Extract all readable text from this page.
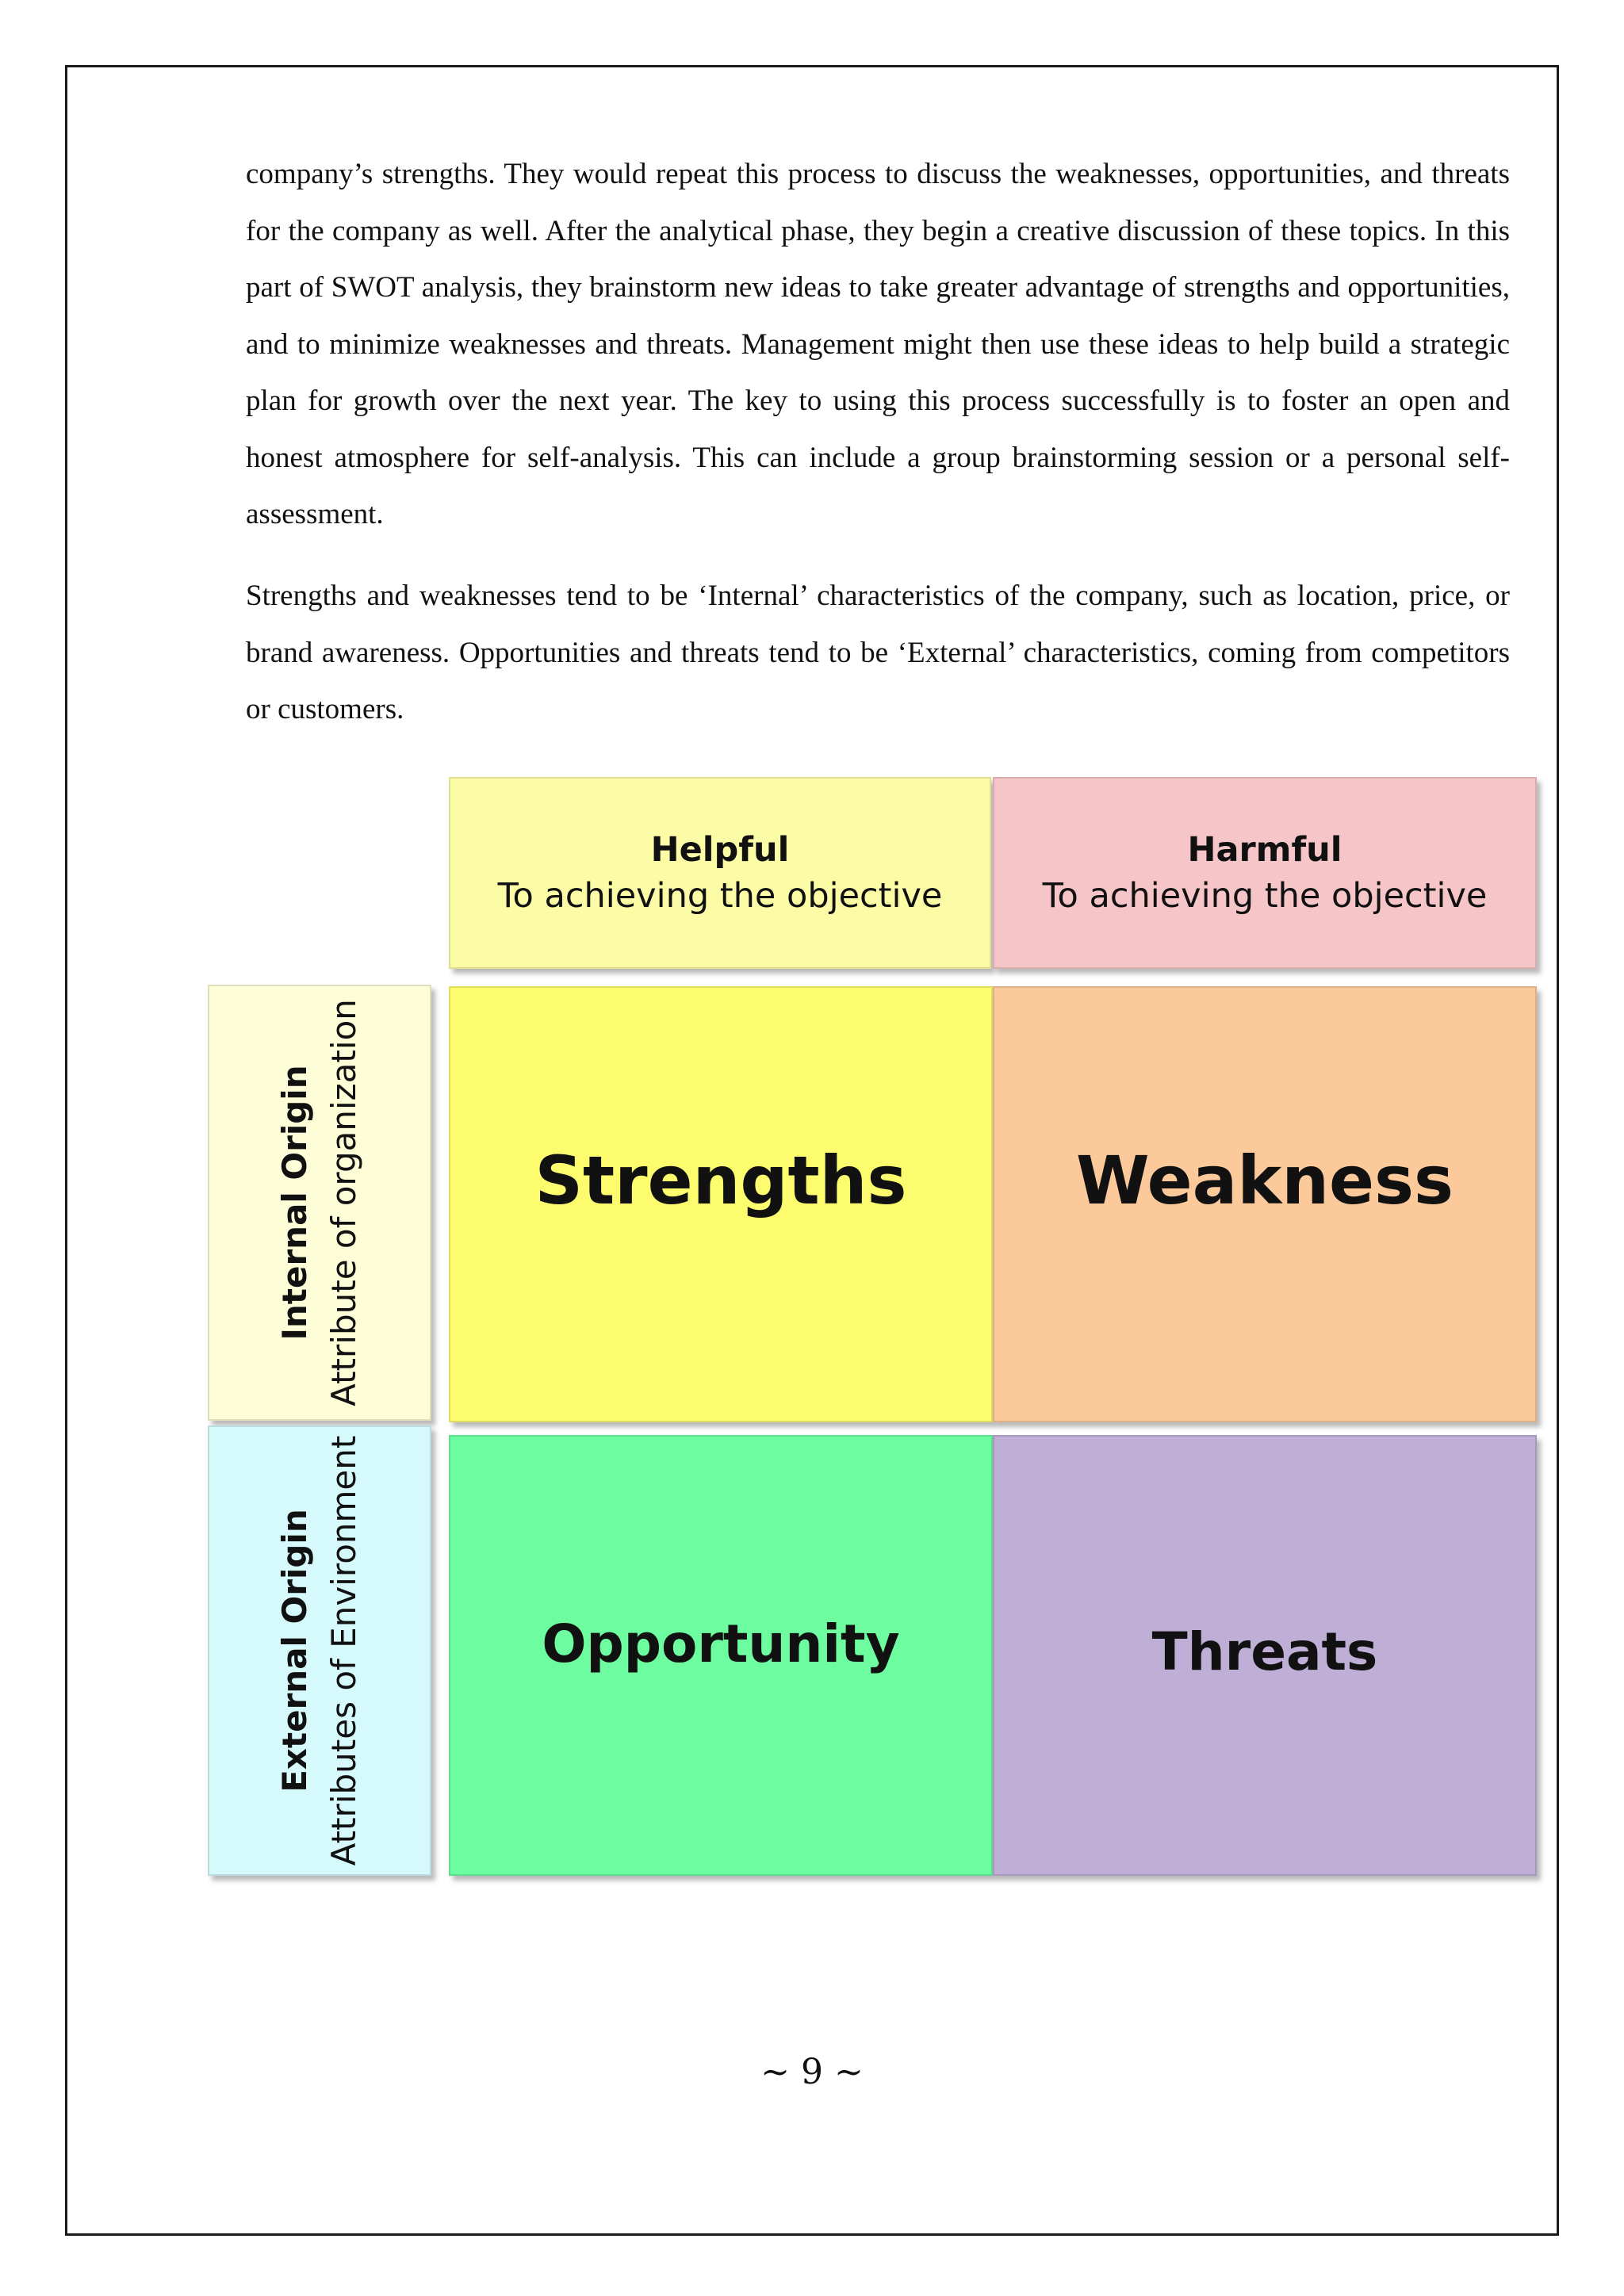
company’s strengths. They would repeat this process to discuss the weaknesses, opportunities, and threats for the company as well. After the analytical phase, they begin a creative discussion of these topics. In this part of SWOT analysis, they brainstorm new ideas to take greater advantage of strengths and opportunities, and to minimize weaknesses and threats. Management might then use these ideas to help build a strategic plan for growth over the next year. The key to using this process successfully is to foster an open and honest atmosphere for self-analysis. This can include a group brainstorming session or a personal self-assessment.

Strengths and weaknesses tend to be ‘Internal’ characteristics of the company, such as location, price, or brand awareness. Opportunities and threats tend to be ‘External’ characteristics, coming from competitors or customers.

Helpful
To achieving the objective
Harmful
To achieving the objective
Internal Origin Attribute of organization
External Origin Attributes of Environment
Strengths	Weakness
Opportunity	Threats
~ 9 ~
